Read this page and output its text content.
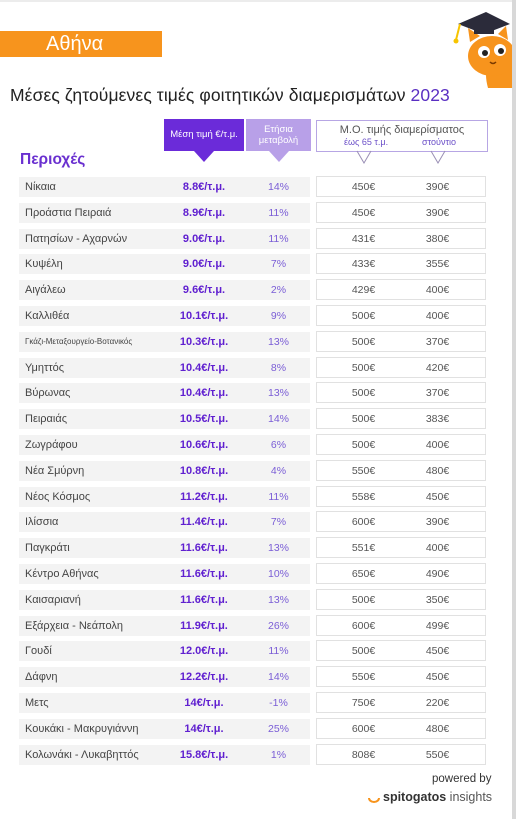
Αθήνα
Μέσες ζητούμενες τιμές φοιτητικών διαμερισμάτων 2023
Περιοχές
Μέση τιμή €/τ.μ.	Ετήσια
μεταβολή
Μ.Ο. τιμής διαμερίσματος
έως 65 τ.μ.	στούντιο
Νίκαια	8.8€/τ.μ.	14%	450€	390€
Προάστια Πειραιά	8.9€/τ.μ.	11%	450€	390€
Πατησίων - Αχαρνών	9.0€/τ.μ.	11%	431€	380€
Κυψέλη	9.0€/τ.μ.	7%	433€	355€
Αιγάλεω	9.6€/τ.μ.	2%	429€	400€
Καλλιθέα	10.1€/τ.μ.	9%	500€	400€
Γκάζι-Μεταξουργείο-Βοτανικός	10.3€/τ.μ.	13%	500€	370€
Υμηττός	10.4€/τ.μ.	8%	500€	420€
Βύρωνας	10.4€/τ.μ.	13%	500€	370€
Πειραιάς	10.5€/τ.μ.	14%	500€	383€
Ζωγράφου	10.6€/τ.μ.	6%	500€	400€
Νέα Σμύρνη	10.8€/τ.μ.	4%	550€	480€
Νέος Κόσμος	11.2€/τ.μ.	11%	558€	450€
Ιλίσσια	11.4€/τ.μ.	7%	600€	390€
Παγκράτι	11.6€/τ.μ.	13%	551€	400€
Κέντρο Αθήνας	11.6€/τ.μ.	10%	650€	490€
Καισαριανή	11.6€/τ.μ.	13%	500€	350€
Εξάρχεια - Νεάπολη	11.9€/τ.μ.	26%	600€	499€
Γουδί	12.0€/τ.μ.	11%	500€	450€
Δάφνη	12.2€/τ.μ.	14%	550€	450€
Μετς	14€/τ.μ.	-1%	750€	220€
Κουκάκι - Μακρυγιάννη	14€/τ.μ.	25%	600€	480€
Κολωνάκι - Λυκαβηττός	15.8€/τ.μ.	1%	808€	550€
powered by
spitogatos insights
